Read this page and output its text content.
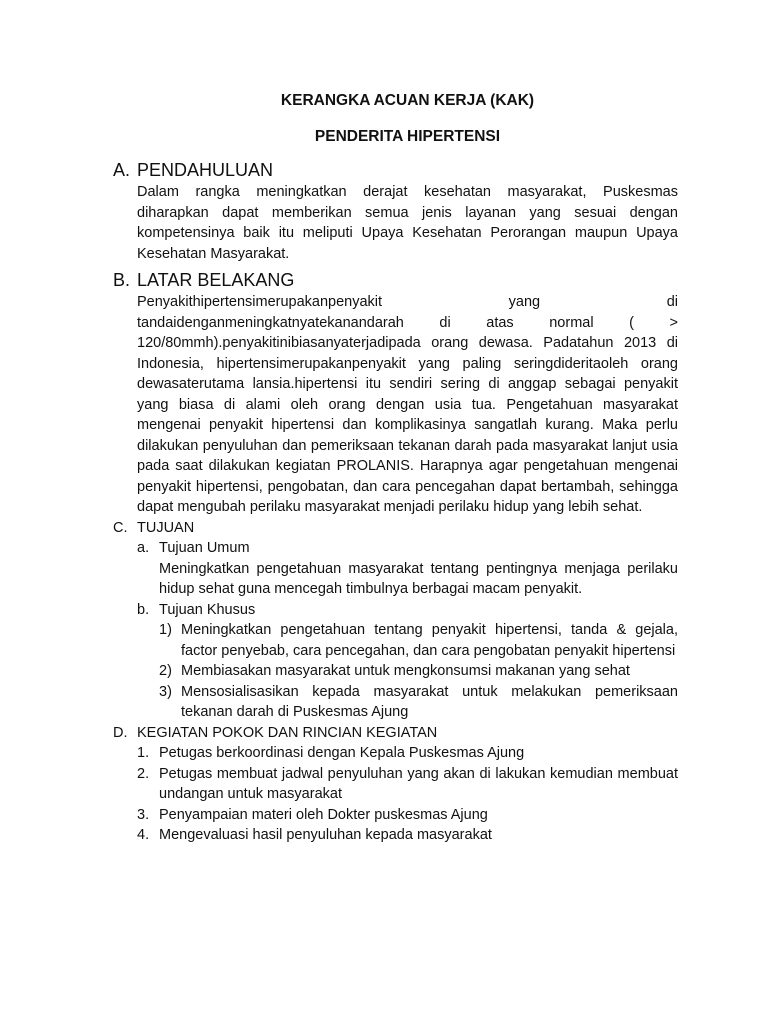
KERANGKA ACUAN KERJA (KAK)
PENDERITA HIPERTENSI
A. PENDAHULUAN
Dalam rangka meningkatkan derajat kesehatan masyarakat, Puskesmas diharapkan dapat memberikan semua jenis layanan yang sesuai dengan kompetensinya baik itu meliputi Upaya Kesehatan Perorangan maupun Upaya Kesehatan Masyarakat.
B. LATAR BELAKANG
Penyakithipertensimerupakanpenyakit yang di tandaidenganmeningkatnyatekanandarah di atas normal ( > 120/80mmh).penyakitinibiasanyaterjadipada orang dewasa. Padatahun 2013 di Indonesia, hipertensimerupakanpenyakit yang paling seringdideritaoleh orang dewasaterutama lansia.hipertensi itu sendiri sering di anggap sebagai penyakit yang biasa di alami oleh orang dengan usia tua. Pengetahuan masyarakat mengenai penyakit hipertensi dan komplikasinya sangatlah kurang. Maka perlu dilakukan penyuluhan dan pemeriksaan tekanan darah pada masyarakat lanjut usia pada saat dilakukan kegiatan PROLANIS. Harapnya agar pengetahuan mengenai penyakit hipertensi, pengobatan, dan cara pencegahan dapat bertambah, sehingga dapat mengubah perilaku masyarakat menjadi perilaku hidup yang lebih sehat.
C. TUJUAN
a. Tujuan Umum
Meningkatkan pengetahuan masyarakat tentang pentingnya menjaga perilaku hidup sehat guna mencegah timbulnya berbagai macam penyakit.
b. Tujuan Khusus
1) Meningkatkan pengetahuan tentang penyakit hipertensi, tanda & gejala, factor penyebab, cara pencegahan, dan cara pengobatan penyakit hipertensi
2) Membiasakan masyarakat untuk mengkonsumsi makanan yang sehat
3) Mensosialisasikan kepada masyarakat untuk melakukan pemeriksaan tekanan darah di Puskesmas Ajung
D. KEGIATAN POKOK DAN RINCIAN KEGIATAN
1. Petugas berkoordinasi dengan Kepala Puskesmas Ajung
2. Petugas membuat jadwal penyuluhan yang akan di lakukan kemudian membuat undangan untuk masyarakat
3. Penyampaian materi oleh Dokter puskesmas Ajung
4. Mengevaluasi hasil penyuluhan kepada masyarakat
